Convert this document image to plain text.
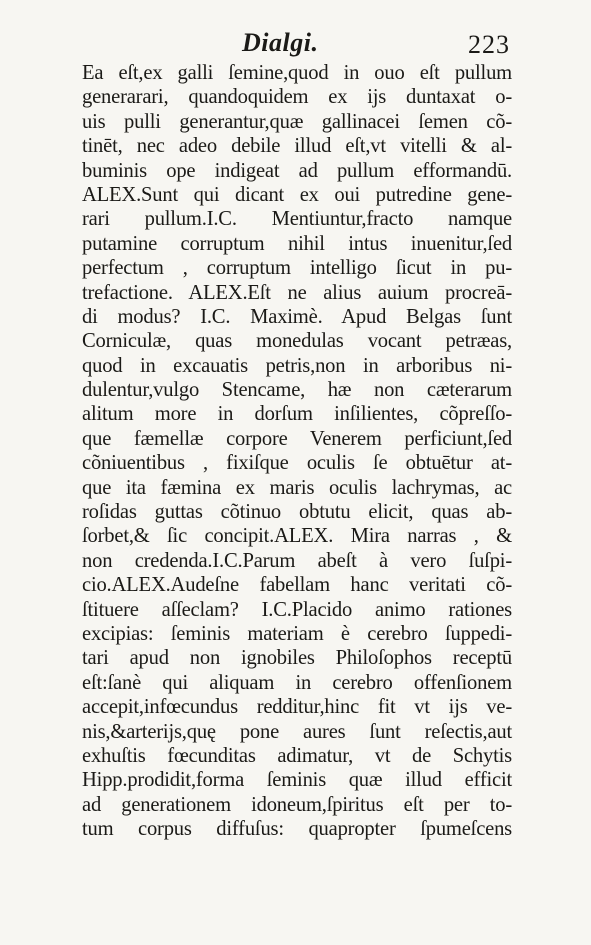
Dialgi.	223
Ea eſt,ex galli ſemine,quod in ouo eſt pullum
generarari, quandoquidem ex ijs duntaxat o-
uis pulli generantur,quæ gallinacei ſemen cõ-
tinēt, nec adeo debile illud eſt,vt vitelli & al-
buminis ope indigeat ad pullum efformandū.
ALEX.Sunt qui dicant ex oui putredine gene-
rari pullum.I.C. Mentiuntur,fracto namque
putamine corruptum nihil intus inuenitur,ſed
perfectum , corruptum intelligo ſicut in pu-
trefactione. ALEX.Eſt ne alius auium procreā-
di modus? I.C. Maximè. Apud Belgas ſunt
Corniculæ, quas monedulas vocant petræas,
quod in excauatis petris,non in arboribus ni-
dulentur,vulgo Stencame, hæ non cæterarum
alitum more in dorſum inſilientes, cõpreſſo-
que fæmellæ corpore Venerem perficiunt,ſed
cõniuentibus , fixiſque oculis ſe obtuētur at-
que ita fæmina ex maris oculis lachrymas, ac
roſidas guttas cõtinuo obtutu elicit, quas ab-
ſorbet,& ſic concipit.ALEX. Mira narras , &
non credenda.I.C.Parum abeſt à vero ſuſpi-
cio.ALEX.Audeſne fabellam hanc veritati cõ-
ſtituere aſſeclam? I.C.Placido animo rationes
excipias: ſeminis materiam è cerebro ſuppedi-
tari apud non ignobiles Philoſophos receptū
eſt:ſanè qui aliquam in cerebro offenſionem
accepit,infœcundus redditur,hinc fit vt ijs ve-
nis,&arterijs,quę pone aures ſunt reſectis,aut
exhuſtis fœcunditas adimatur, vt de Schytis
Hipp.prodidit,forma ſeminis quæ illud efficit
ad generationem idoneum,ſpiritus eſt per to-
tum corpus diffuſus: quapropter ſpumeſcens
